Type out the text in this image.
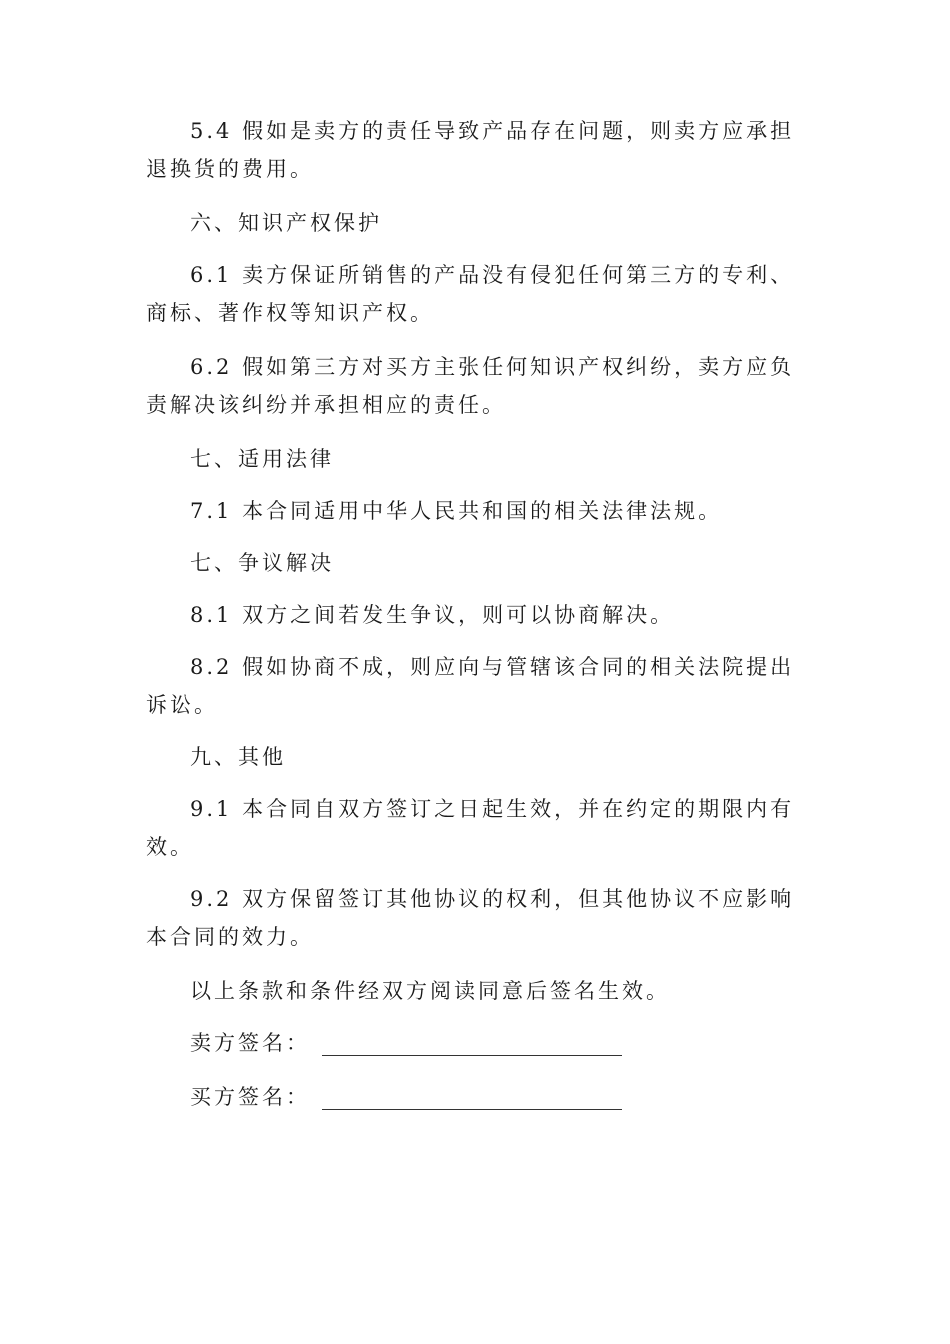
5.4 假如是卖方的责任导致产品存在问题，则卖方应承担退换货的费用。

六、知识产权保护

6.1 卖方保证所销售的产品没有侵犯任何第三方的专利、商标、著作权等知识产权。

6.2 假如第三方对买方主张任何知识产权纠纷，卖方应负责解决该纠纷并承担相应的责任。

七、适用法律

7.1 本合同适用中华人民共和国的相关法律法规。

七、争议解决

8.1 双方之间若发生争议，则可以协商解决。

8.2 假如协商不成，则应向与管辖该合同的相关法院提出诉讼。

九、其他

9.1 本合同自双方签订之日起生效，并在约定的期限内有效。

9.2 双方保留签订其他协议的权利，但其他协议不应影响本合同的效力。

以上条款和条件经双方阅读同意后签名生效。

卖方签名：
买方签名：
